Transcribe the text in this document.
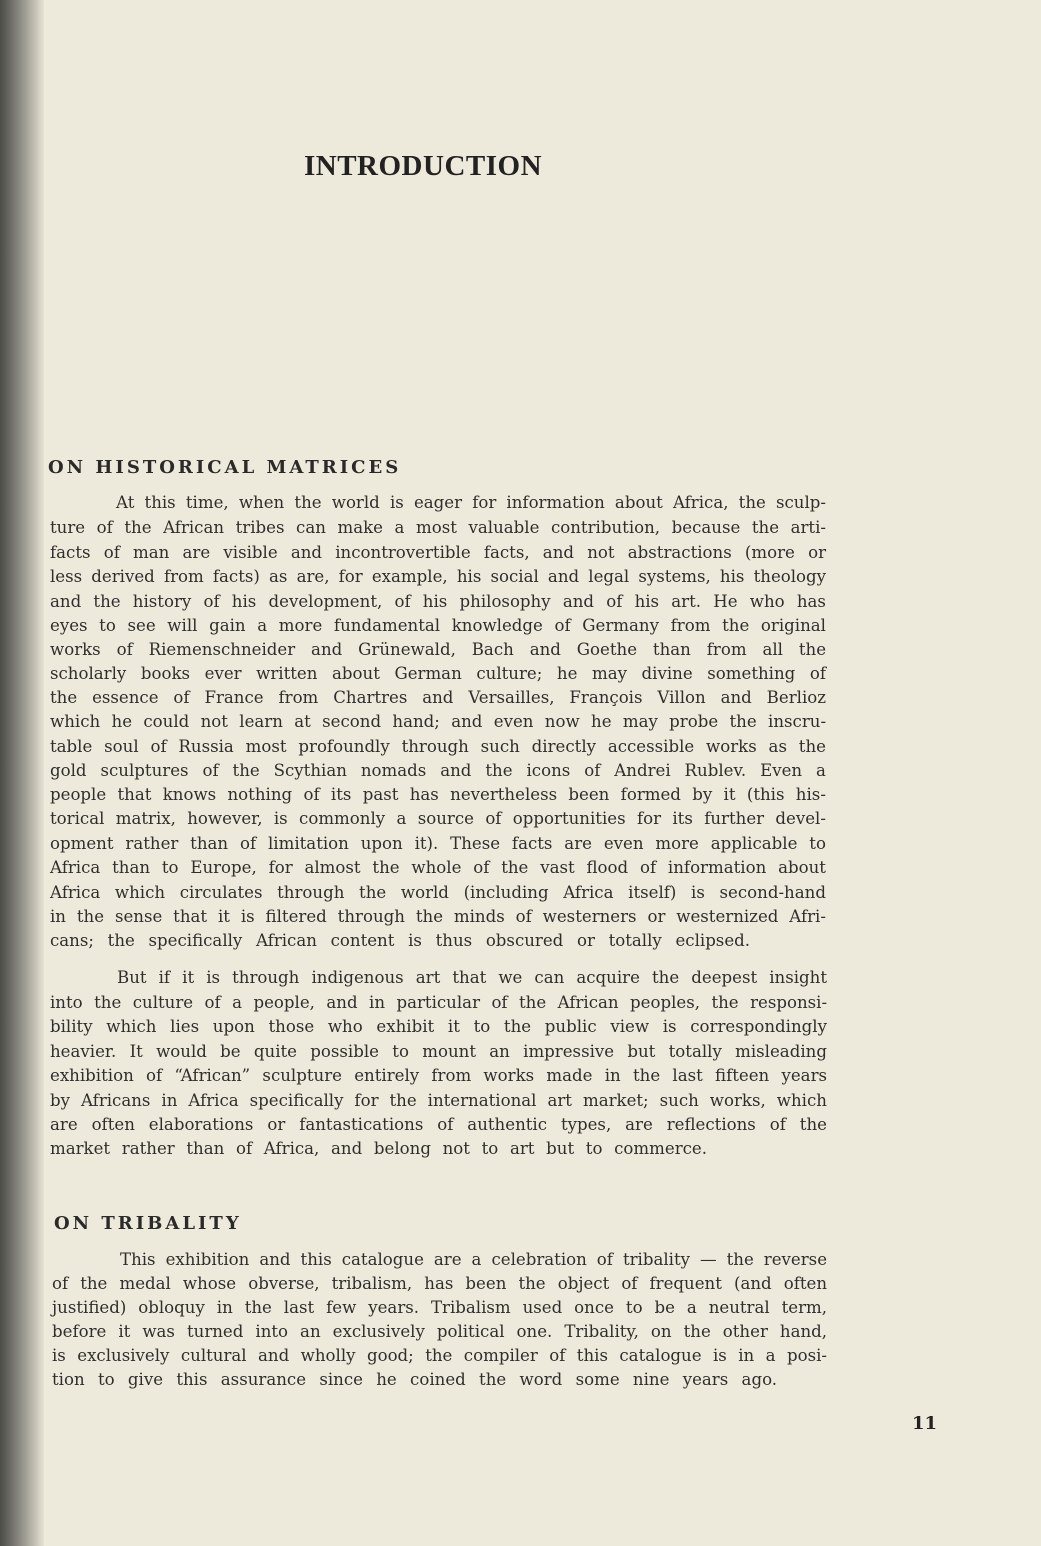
INTRODUCTION
ON HISTORICAL MATRICES
At this time, when the world is eager for information about Africa, the sculp-
ture of the African tribes can make a most valuable contribution, because the arti-
facts of man are visible and incontrovertible facts, and not abstractions (more or
less derived from facts) as are, for example, his social and legal systems, his theology
and the history of his development, of his philosophy and of his art. He who has
eyes to see will gain a more fundamental knowledge of Germany from the original
works of Riemenschneider and Grünewald, Bach and Goethe than from all the
scholarly books ever written about German culture; he may divine something of
the essence of France from Chartres and Versailles, François Villon and Berlioz
which he could not learn at second hand; and even now he may probe the inscru-
table soul of Russia most profoundly through such directly accessible works as the
gold sculptures of the Scythian nomads and the icons of Andrei Rublev. Even a
people that knows nothing of its past has nevertheless been formed by it (this his-
torical matrix, however, is commonly a source of opportunities for its further devel-
opment rather than of limitation upon it). These facts are even more applicable to
Africa than to Europe, for almost the whole of the vast flood of information about
Africa which circulates through the world (including Africa itself) is second-hand
in the sense that it is filtered through the minds of westerners or westernized Afri-
cans; the specifically African content is thus obscured or totally eclipsed.
But if it is through indigenous art that we can acquire the deepest insight
into the culture of a people, and in particular of the African peoples, the responsi-
bility which lies upon those who exhibit it to the public view is correspondingly
heavier. It would be quite possible to mount an impressive but totally misleading
exhibition of “African” sculpture entirely from works made in the last fifteen years
by Africans in Africa specifically for the international art market; such works, which
are often elaborations or fantastications of authentic types, are reflections of the
market rather than of Africa, and belong not to art but to commerce.
ON TRIBALITY
This exhibition and this catalogue are a celebration of tribality — the reverse
of the medal whose obverse, tribalism, has been the object of frequent (and often
justified) obloquy in the last few years. Tribalism used once to be a neutral term,
before it was turned into an exclusively political one. Tribality, on the other hand,
is exclusively cultural and wholly good; the compiler of this catalogue is in a posi-
tion to give this assurance since he coined the word some nine years ago.
11
